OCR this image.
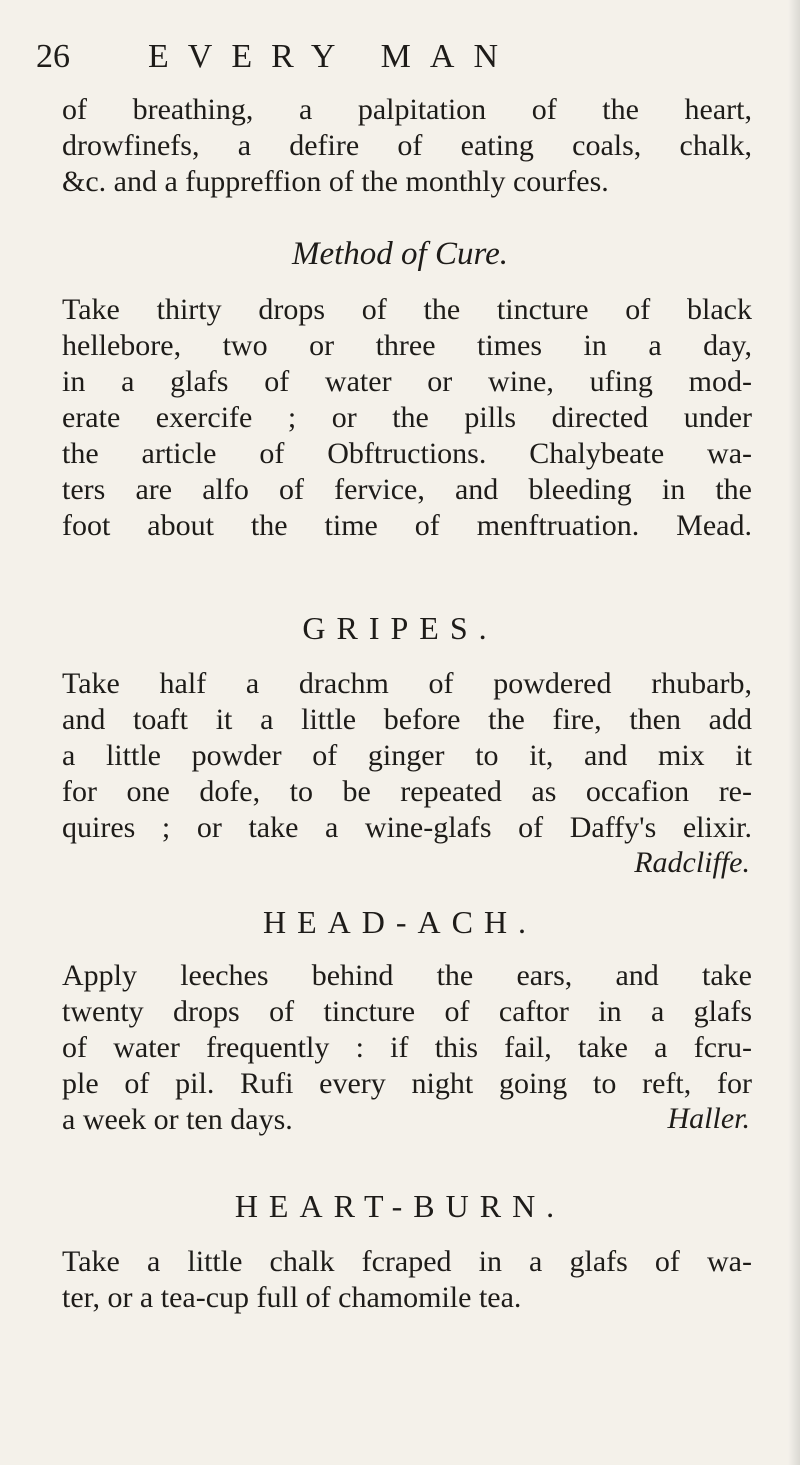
26 EVERY MAN
of breathing, a palpitation of the heart,
drowfinefs, a defire of eating coals, chalk,
&c. and a fuppreffion of the monthly courfes.
Method of Cure.
Take thirty drops of the tincture of black
hellebore, two or three times in a day,
in a glafs of water or wine, ufing mod-
erate exercife ; or the pills directed under
the article of Obftructions. Chalybeate wa-
ters are alfo of fervice, and bleeding in the
foot about the time of menftruation. Mead.
GRIPES.
Take half a drachm of powdered rhubarb,
and toaft it a little before the fire, then add
a little powder of ginger to it, and mix it
for one dofe, to be repeated as occafion re-
quires ; or take a wine-glafs of Daffy's elixir.
Radcliffe.
HEAD-ACH.
Apply leeches behind the ears, and take
twenty drops of tincture of caftor in a glafs
of water frequently : if this fail, take a fcru-
ple of pil. Rufi every night going to reft, for
a week or ten days.	Haller.
HEART-BURN.
Take a little chalk fcraped in a glafs of wa-
ter, or a tea-cup full of chamomile tea.
